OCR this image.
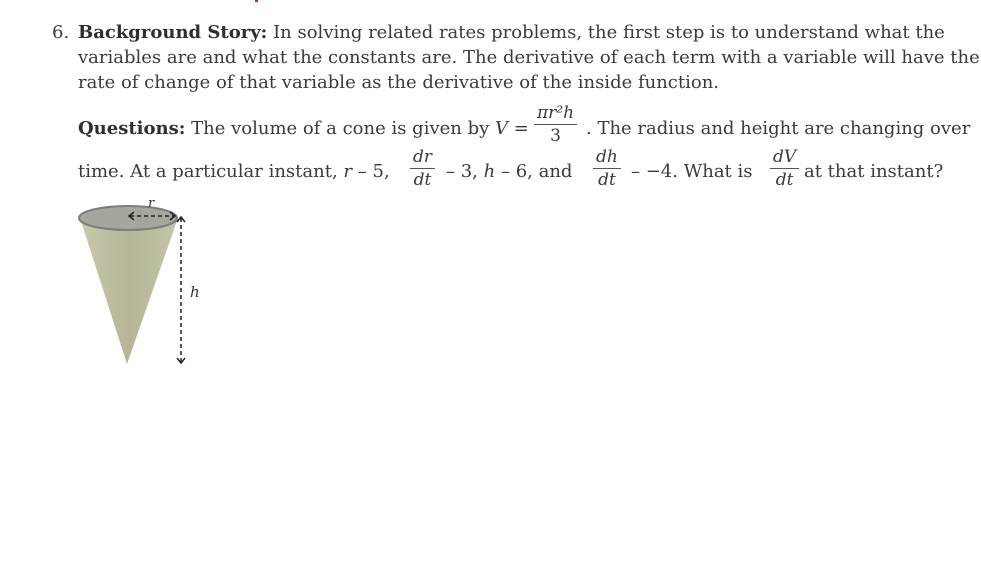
6. Background Story: In solving related rates problems, the first step is to understand what the
variables are and what the constants are. The derivative of each term with a variable will have the
rate of change of that variable as the derivative of the inside function.
Questions: The volume of a cone is given by $V = \frac{\text{πr²h}}{3}$ . The radius and height are changing over
time. At a particular instant, r – 5, $\frac{dr}{dt} - 3$, h – 6, and $\frac{dh}{dt} - -4$. What is $\frac{dV}{dt}$ at that instant?
r
h
